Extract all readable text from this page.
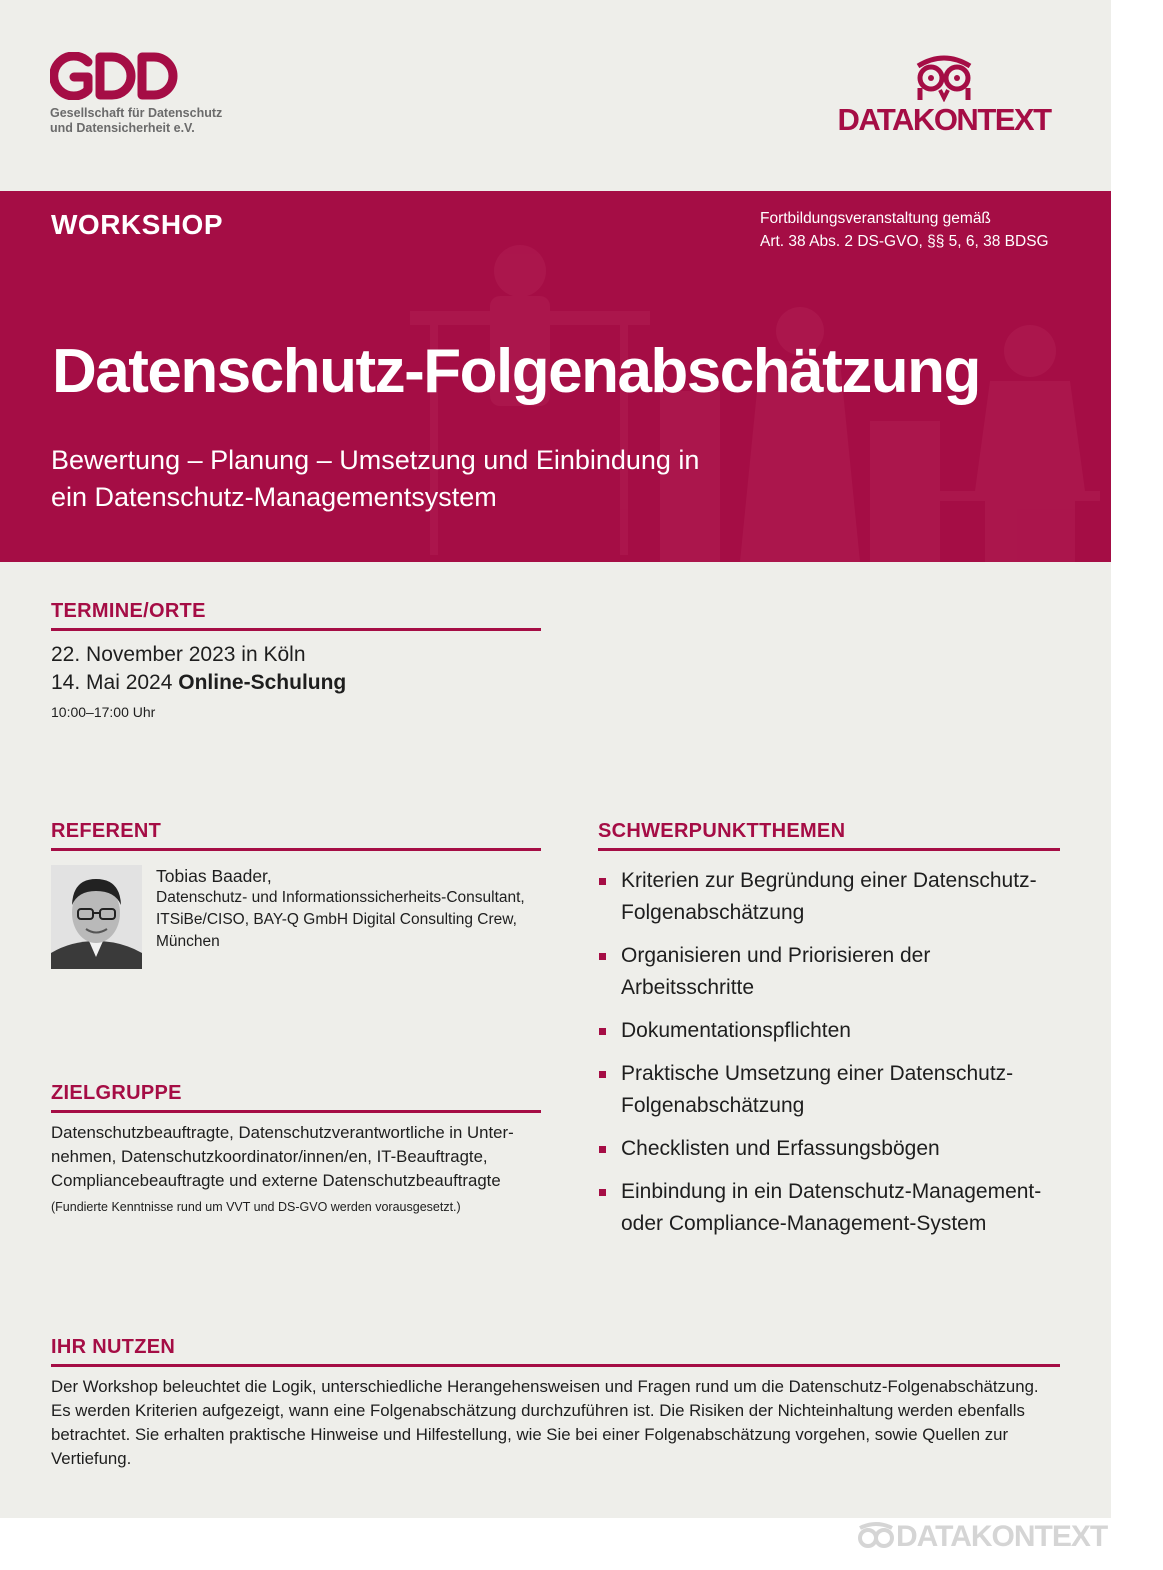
Gesellschaft für Datenschutz
und Datensicherheit e.V.	DATAKONTEXT
WORKSHOP	Fortbildungsveranstaltung gemäß
Art. 38 Abs. 2 DS-GVO, §§ 5, 6, 38 BDSG
Datenschutz-Folgenabschätzung
Bewertung – Planung – Umsetzung und Einbindung in
ein Datenschutz-Managementsystem
TERMINE/ORTE
22. November 2023 in Köln
14. Mai 2024 Online-Schulung
10:00–17:00 Uhr
REFERENT
Tobias Baader,
Datenschutz- und Informationssicherheits-Consultant,
ITSiBe/CISO, BAY-Q GmbH Digital Consulting Crew,
München
SCHWERPUNKTTHEMEN
Kriterien zur Begründung einer Datenschutz-
Folgenabschätzung
Organisieren und Priorisieren der Arbeitsschritte
Dokumentationspflichten
Praktische Umsetzung einer Datenschutz-
Folgenabschätzung
Checklisten und Erfassungsbögen
Einbindung in ein Datenschutz-Management-
oder Compliance-Management-System
ZIELGRUPPE
Datenschutzbeauftragte, Datenschutzverantwortliche in Unter-
nehmen, Datenschutzkoordinator/innen/en, IT-Beauftragte,
Compliancebeauftragte und externe Datenschutzbeauftragte
(Fundierte Kenntnisse rund um VVT und DS-GVO werden vorausgesetzt.)
IHR NUTZEN
Der Workshop beleuchtet die Logik, unterschiedliche Herangehensweisen und Fragen rund um die Datenschutz-Folgenabschätzung.
Es werden Kriterien aufgezeigt, wann eine Folgenabschätzung durchzuführen ist. Die Risiken der Nichteinhaltung werden ebenfalls
betrachtet. Sie erhalten praktische Hinweise und Hilfestellung, wie Sie bei einer Folgenabschätzung vorgehen, sowie Quellen zur
Vertiefung.
DATAKONTEXT
